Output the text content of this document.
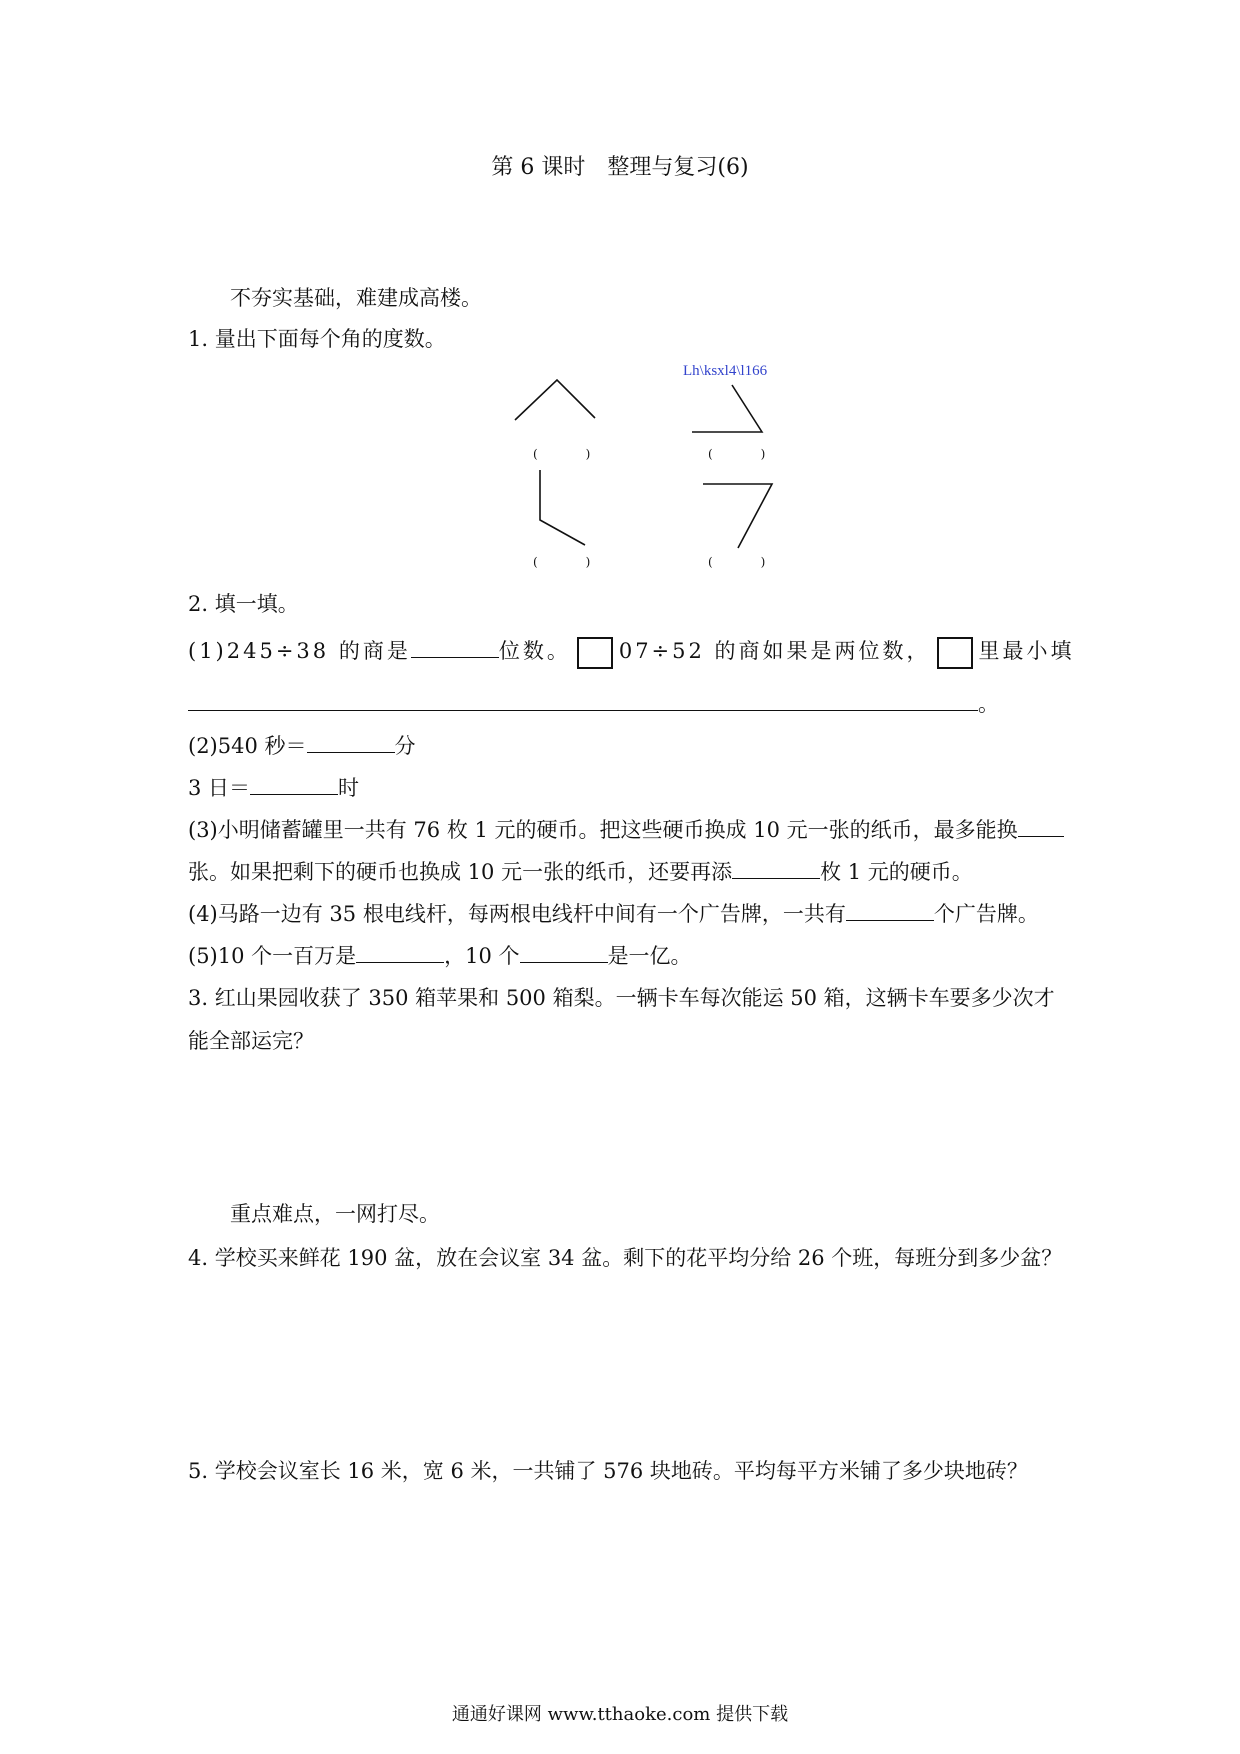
第 6 课时　整理与复习(6)
不夯实基础，难建成高楼。
1. 量出下面每个角的度数。
Lh\ksxl4\l166
(　)	(　)
(　)	(　)
2. 填一填。
(1)245÷38 的商是	位数。 07÷52 的商如果是两位数， 里最小填
。
(2)540 秒＝	分
3 日＝	时
(3)小明储蓄罐里一共有 76 枚 1 元的硬币。把这些硬币换成 10 元一张的纸币，最多能换
张。如果把剩下的硬币也换成 10 元一张的纸币，还要再添	枚 1 元的硬币。
(4)马路一边有 35 根电线杆，每两根电线杆中间有一个广告牌，一共有	个广告牌。
(5)10 个一百万是	，10 个	是一亿。
3. 红山果园收获了 350 箱苹果和 500 箱梨。一辆卡车每次能运 50 箱，这辆卡车要多少次才
能全部运完？
重点难点，一网打尽。
4. 学校买来鲜花 190 盆，放在会议室 34 盆。剩下的花平均分给 26 个班，每班分到多少盆？
5. 学校会议室长 16 米，宽 6 米，一共铺了 576 块地砖。平均每平方米铺了多少块地砖？
通通好课网 www.tthaoke.com 提供下载
